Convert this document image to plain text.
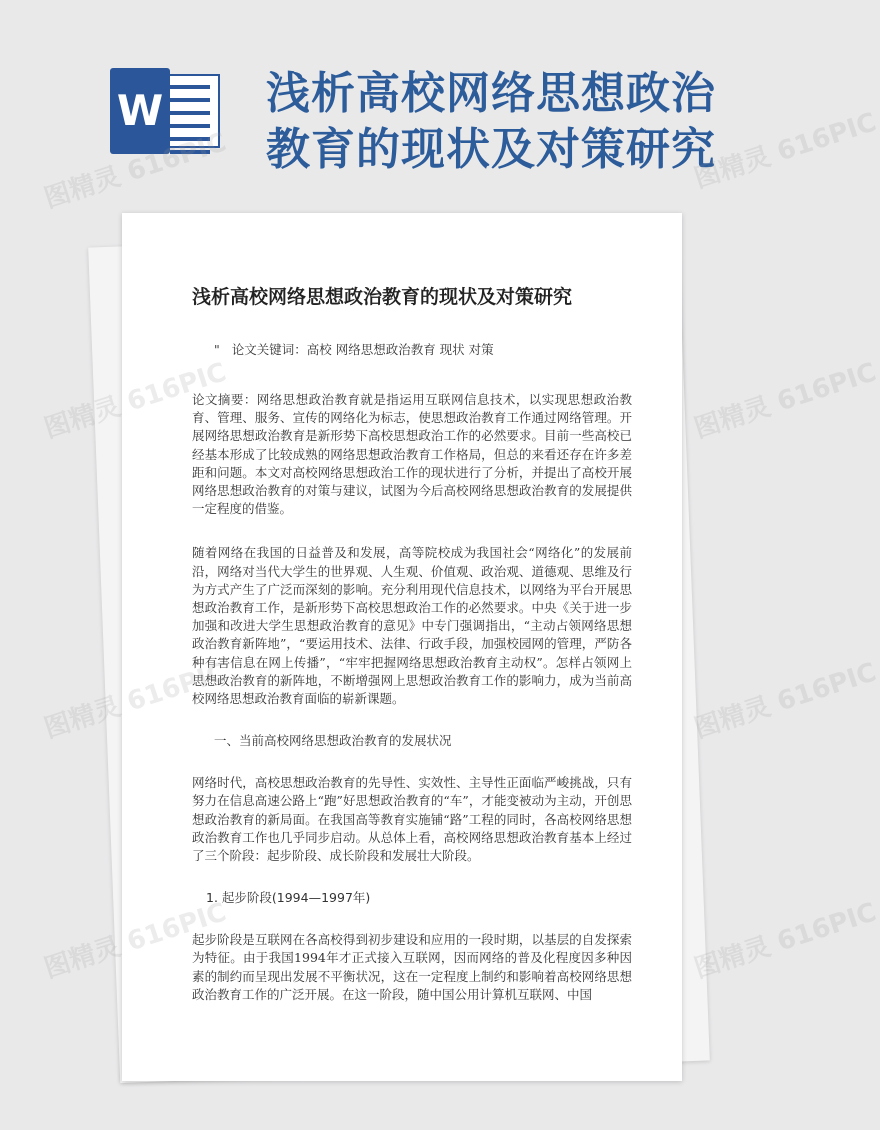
W 浅析高校网络思想政治
教育的现状及对策研究
浅析高校网络思想政治教育的现状及对策研究
" 论文关键词：高校 网络思想政治教育 现状 对策

论文摘要：网络思想政治教育就是指运用互联网信息技术，以实现思想政治教育、管理、服务、宣传的网络化为标志，使思想政治教育工作通过网络管理。开展网络思想政治教育是新形势下高校思想政治工作的必然要求。目前一些高校已经基本形成了比较成熟的网络思想政治教育工作格局，但总的来看还存在许多差距和问题。本文对高校网络思想政治工作的现状进行了分析，并提出了高校开展网络思想政治教育的对策与建议，试图为今后高校网络思想政治教育的发展提供一定程度的借鉴。

随着网络在我国的日益普及和发展，高等院校成为我国社会“网络化”的发展前沿，网络对当代大学生的世界观、人生观、价值观、政治观、道德观、思维及行为方式产生了广泛而深刻的影响。充分利用现代信息技术，以网络为平台开展思想政治教育工作，是新形势下高校思想政治工作的必然要求。中央《关于进一步加强和改进大学生思想政治教育的意见》中专门强调指出，“主动占领网络思想政治教育新阵地”，“要运用技术、法律、行政手段，加强校园网的管理，严防各种有害信息在网上传播”，“牢牢把握网络思想政治教育主动权”。怎样占领网上思想政治教育的新阵地，不断增强网上思想政治教育工作的影响力，成为当前高校网络思想政治教育面临的崭新课题。

一、当前高校网络思想政治教育的发展状况

网络时代，高校思想政治教育的先导性、实效性、主导性正面临严峻挑战，只有努力在信息高速公路上“跑”好思想政治教育的“车”，才能变被动为主动，开创思想政治教育的新局面。在我国高等教育实施铺“路”工程的同时，各高校网络思想政治教育工作也几乎同步启动。从总体上看，高校网络思想政治教育基本上经过了三个阶段：起步阶段、成长阶段和发展壮大阶段。

1. 起步阶段(1994—1997年)

起步阶段是互联网在各高校得到初步建设和应用的一段时期，以基层的自发探索为特征。由于我国1994年才正式接入互联网，因而网络的普及化程度因多种因素的制约而呈现出发展不平衡状况，这在一定程度上制约和影响着高校网络思想政治教育工作的广泛开展。在这一阶段，随中国公用计算机互联网、中国

图精灵 616PIC	图精灵 616PIC
图精灵	图精灵 616PIC
图精灵	图精灵 616PIC
图精灵	图精灵 616PIC
